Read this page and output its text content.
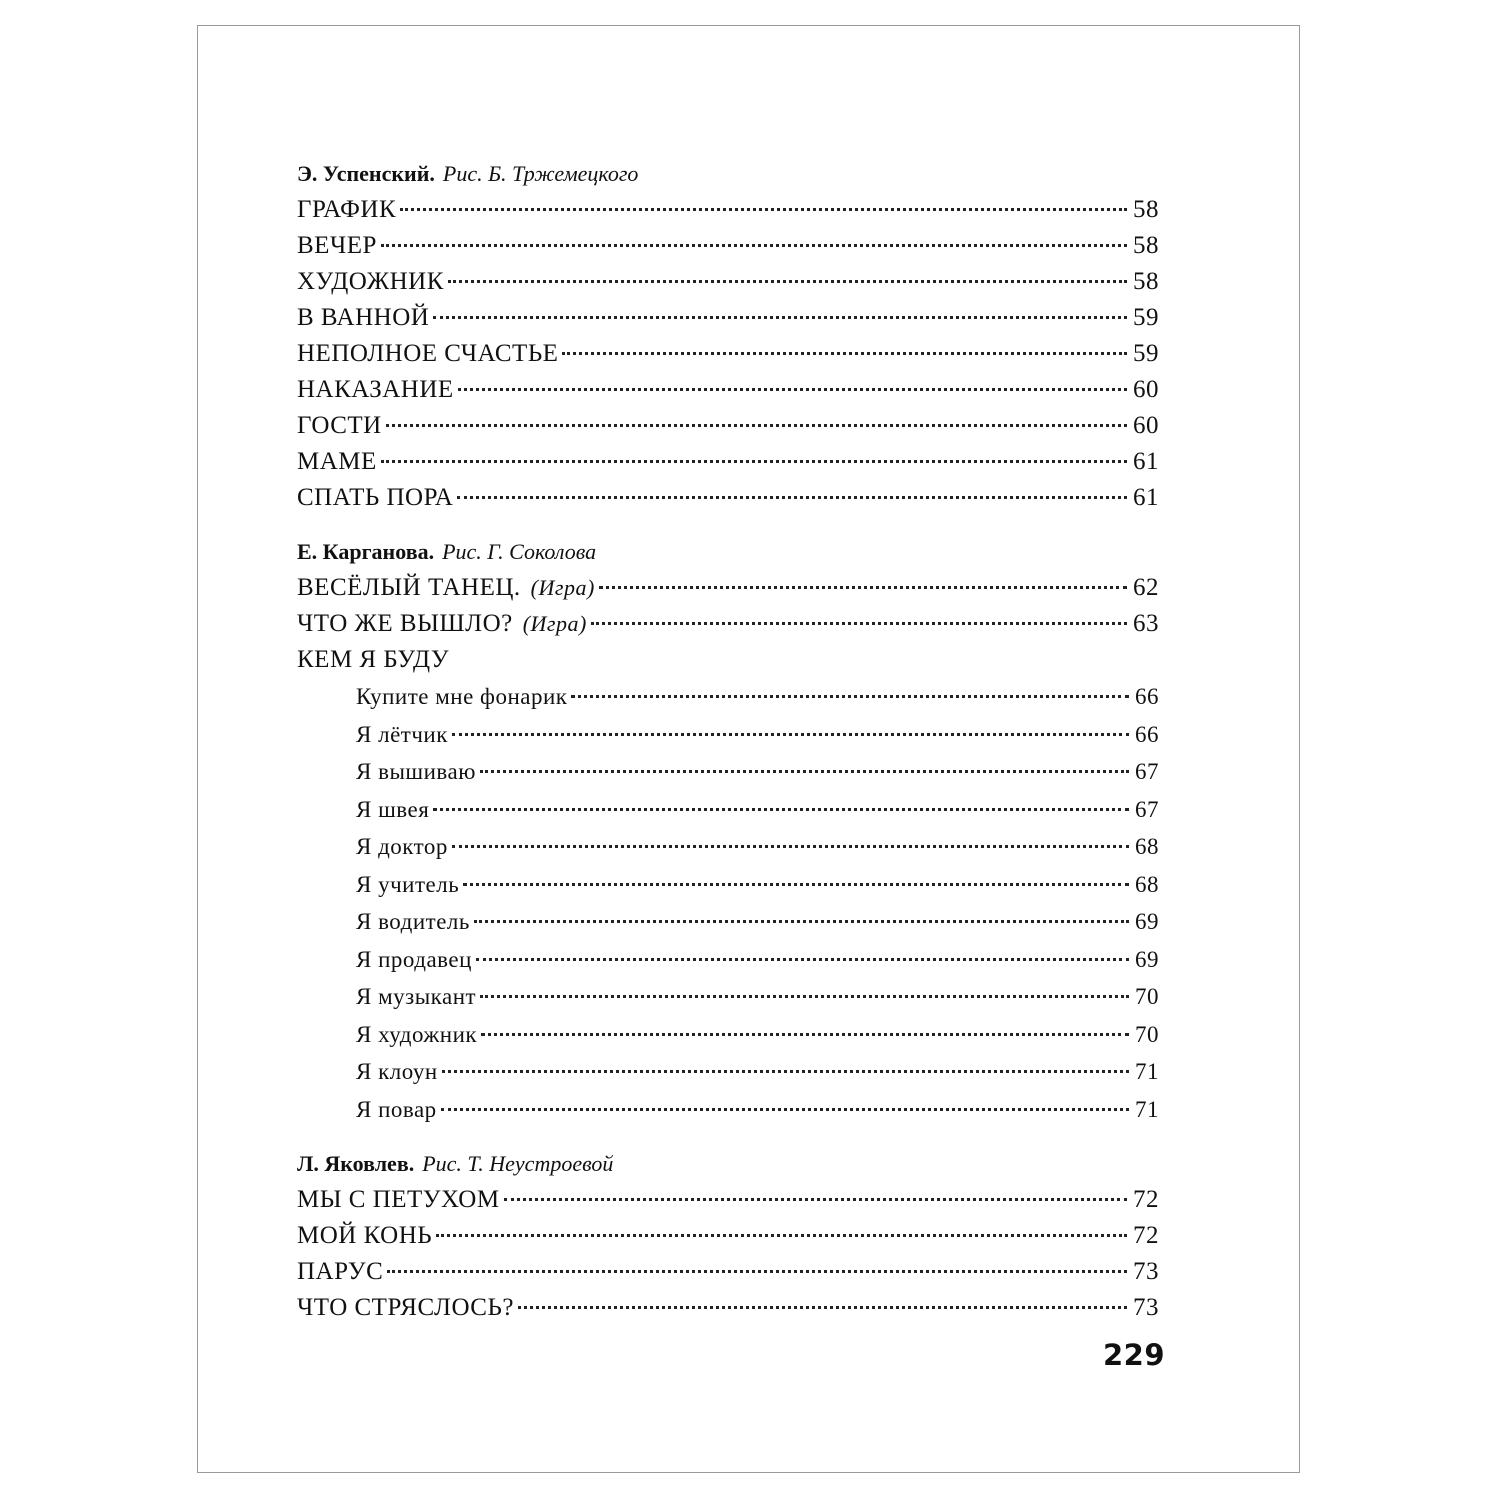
Э. Успенский. Рис. Б. Тржемецкого
ГРАФИК	58
ВЕЧЕР	58
ХУДОЖНИК	58
В ВАННОЙ	59
НЕПОЛНОЕ СЧАСТЬЕ	59
НАКАЗАНИЕ	60
ГОСТИ	60
МАМЕ	61
СПАТЬ ПОРА	61
Е. Карганова. Рис. Г. Соколова
ВЕСЁЛЫЙ ТАНЕЦ. (Игра)	62
ЧТО ЖЕ ВЫШЛО? (Игра)	63
КЕМ Я БУДУ
Купите мне фонарик	66
Я лётчик	66
Я вышиваю	67
Я швея	67
Я доктор	68
Я учитель	68
Я водитель	69
Я продавец	69
Я музыкант	70
Я художник	70
Я клоун	71
Я повар	71
Л. Яковлев. Рис. Т. Неустроевой
МЫ С ПЕТУХОМ	72
МОЙ КОНЬ	72
ПАРУС	73
ЧТО СТРЯСЛОСЬ?	73
229
